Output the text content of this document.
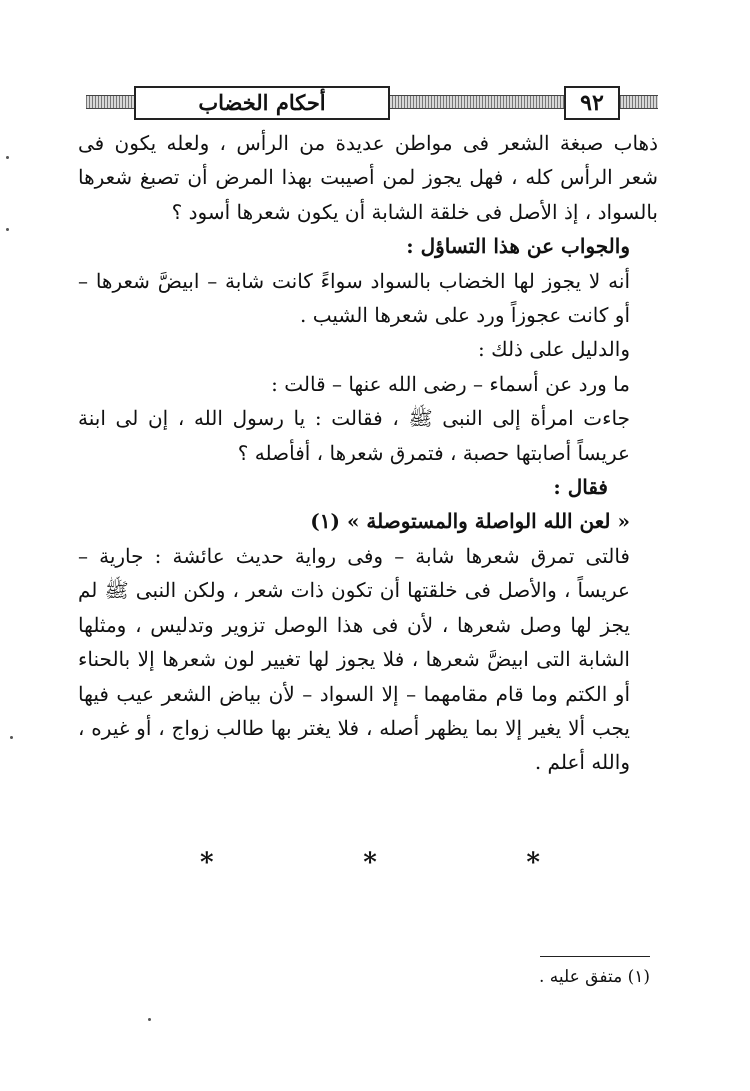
أحكام الخضاب	٩٢

ذهاب صبغة الشعر فى مواطن عديدة من الرأس ، ولعله يكون فى شعر الرأس كله ، فهل يجوز لمن أصيبت بهذا المرض أن تصبغ شعرها بالسواد ، إذ الأصل فى خلقة الشابة أن يكون شعرها أسود ؟

والجواب عن هذا التساؤل :

أنه لا يجوز لها الخضاب بالسواد سواءً كانت شابة – ابيضَّ شعرها – أو كانت عجوزاً ورد على شعرها الشيب .

والدليل على ذلك :

ما ورد عن أسماء – رضى الله عنها – قالت :

جاءت امرأة إلى النبى ﷺ ، فقالت : يا رسول الله ، إن لى ابنة عريساً أصابتها حصبة ، فتمرق شعرها ، أفأصله ؟

فقال :

« لعن الله الواصلة والمستوصلة » (١)

فالتى تمرق شعرها شابة – وفى رواية حديث عائشة : جارية – عريساً ، والأصل فى خلقتها أن تكون ذات شعر ، ولكن النبى ﷺ لم يجز لها وصل شعرها ، لأن فى هذا الوصل تزوير وتدليس ، ومثلها الشابة التى ابيضَّ شعرها ، فلا يجوز لها تغيير لون شعرها إلا بالحناء أو الكتم وما قام مقامهما – إلا السواد – لأن بياض الشعر عيب فيها يجب ألا يغير إلا بما يظهر أصله ، فلا يغتر بها طالب زواج ، أو غيره ، والله أعلم .

*	*	*
(١) متفق عليه .
